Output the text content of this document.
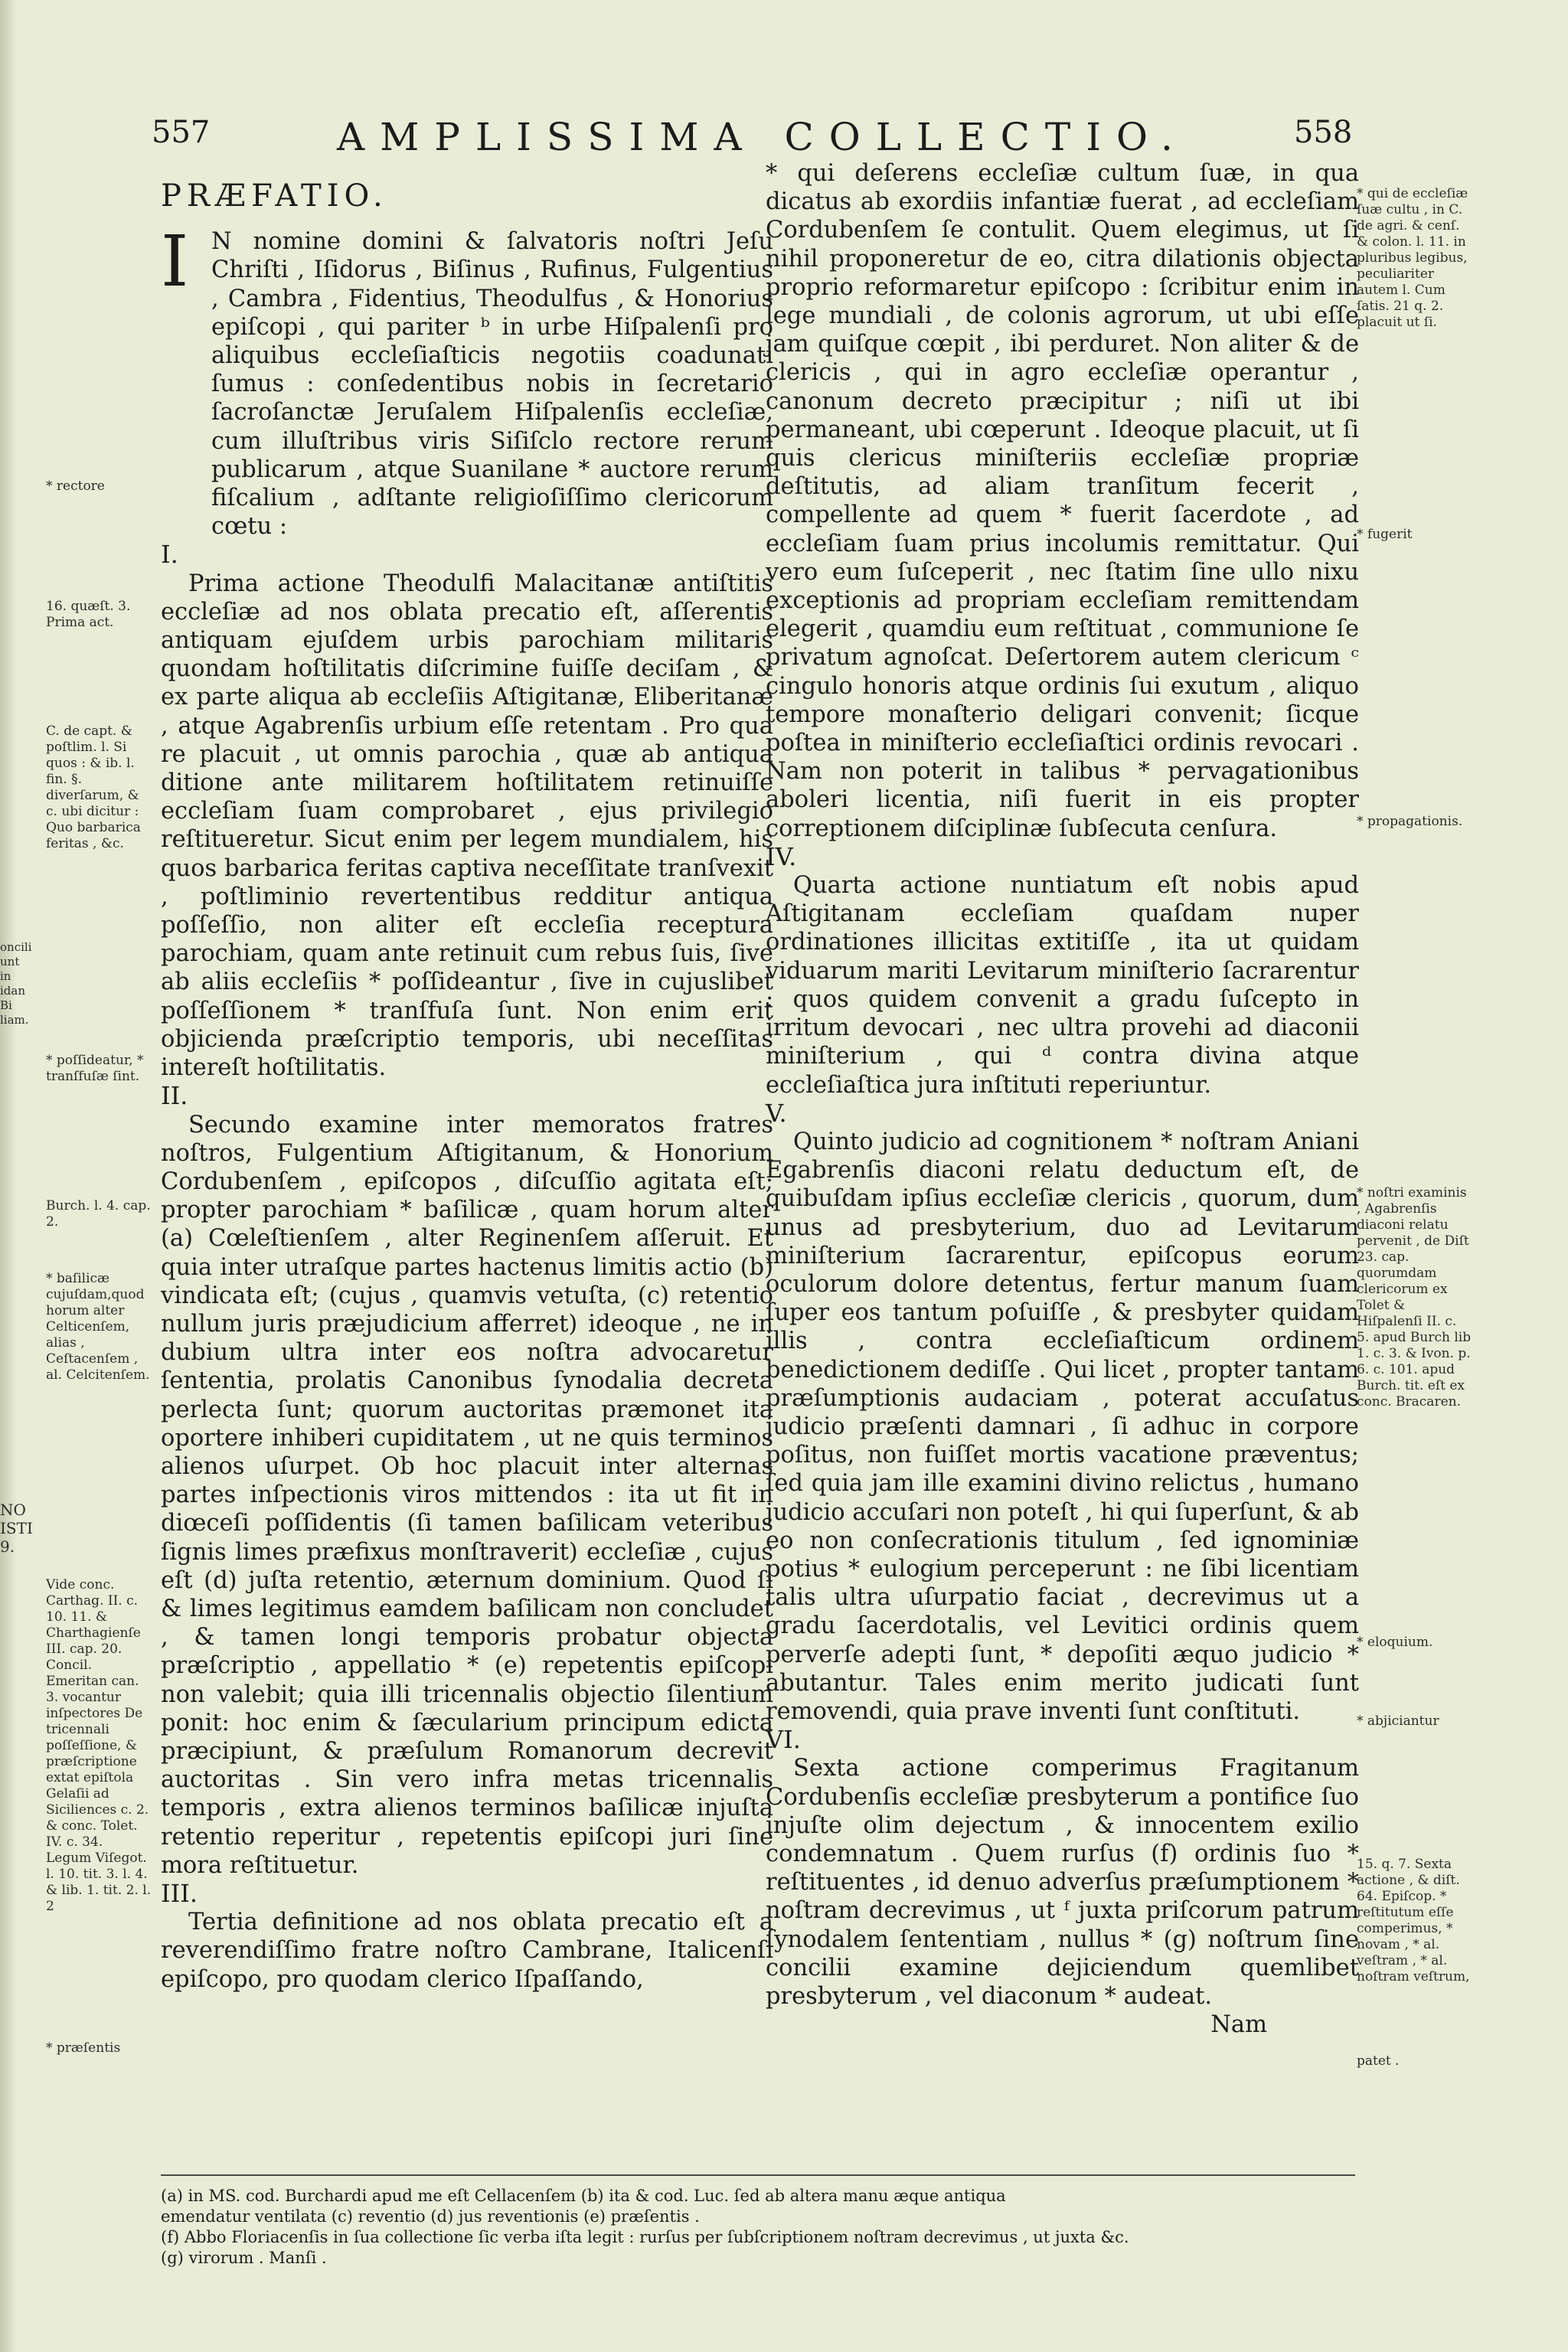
557	AMPLISSIMA COLLECTIO.	558

PRÆFATIO.

I N nomine domini & ſalvatoris noſtri Jeſu Chriſti , Iſidorus , Biſinus , Rufinus, Fulgentius , Cambra , Fidentius, Theodulfus , & Honorius epiſcopi , qui pariter ᵇ in urbe Hiſpalenſi pro aliquibus eccleſiaſticis negotiis coadunati ſumus : conſedentibus nobis in ſecretario ſacroſanctæ Jeruſalem Hiſpalenſis eccleſiæ, cum illuſtribus viris Siſiſclo rectore rerum publicarum , atque Suanilane * auctore rerum fiſcalium , adſtante religioſiſſimo clericorum cœtu :

I.

Prima actione Theodulfi Malacitanæ antiſtitis eccleſiæ ad nos oblata precatio eſt, aſſerentis antiquam ejuſdem urbis parochiam militaris quondam hoſtilitatis diſcrimine fuiſſe deciſam , & ex parte aliqua ab eccleſiis Aſtigitanæ, Eliberitanæ , atque Agabrenſis urbium eſſe retentam . Pro qua re placuit , ut omnis parochia , quæ ab antiqua ditione ante militarem hoſtilitatem retinuiſſe eccleſiam ſuam comprobaret , ejus privilegio reſtitueretur. Sicut enim per legem mundialem, his quos barbarica feritas captiva neceſſitate tranſvexit , poſtliminio revertentibus redditur antiqua poſſeſſio, non aliter eſt eccleſia receptura parochiam, quam ante retinuit cum rebus ſuis, ſive ab aliis eccleſiis * poſſideantur , ſive in cujuslibet poſſeſſionem * tranſfuſa ſunt. Non enim erit objicienda præſcriptio temporis, ubi neceſſitas intereſt hoſtilitatis.

II.

Secundo examine inter memoratos fratres noſtros, Fulgentium Aſtigitanum, & Honorium Cordubenſem , epiſcopos , diſcuſſio agitata eſt; propter parochiam * baſilicæ , quam horum alter (a) Cœleſtienſem , alter Reginenſem aſſeruit. Et quia inter utraſque partes hactenus limitis actio (b) vindicata eſt; (cujus , quamvis vetuſta, (c) retentio nullum juris præjudicium afferret) ideoque , ne in dubium ultra inter eos noſtra advocaretur ſententia, prolatis Canonibus ſynodalia decreta perlecta ſunt; quorum auctoritas præmonet ita oportere inhiberi cupiditatem , ut ne quis terminos alienos uſurpet. Ob hoc placuit inter alternas partes inſpectionis viros mittendos : ita ut fit in diœceſi poſſidentis (ſi tamen baſilicam veteribus ſignis limes præfixus monſtraverit) eccleſiæ , cujus eſt (d) juſta retentio, æternum dominium. Quod ſi & limes legitimus eamdem baſilicam non concludet , & tamen longi temporis probatur objecta præſcriptio , appellatio * (e) repetentis epiſcopi non valebit; quia illi tricennalis objectio ſilentium ponit: hoc enim & ſæcularium principum edicta præcipiunt, & præſulum Romanorum decrevit auctoritas . Sin vero infra metas tricennalis temporis , extra alienos terminos baſilicæ injuſta retentio reperitur , repetentis epiſcopi juri ſine mora reſtituetur.

III.

Tertia definitione ad nos oblata precatio eſt a reverendiſſimo fratre noſtro Cambrane, Italicenſi epiſcopo, pro quodam clerico Iſpaſſando,

* qui deſerens eccleſiæ cultum ſuæ, in qua dicatus ab exordiis infantiæ fuerat , ad eccleſiam Cordubenſem ſe contulit. Quem elegimus, ut ſi nihil proponeretur de eo, citra dilationis objecta proprio reformaretur epiſcopo : ſcribitur enim in lege mundiali , de colonis agrorum, ut ubi eſſe jam quiſque cœpit , ibi perduret. Non aliter & de clericis , qui in agro eccleſiæ operantur , canonum decreto præcipitur ; niſi ut ibi permaneant, ubi cœperunt . Ideoque placuit, ut ſi quis clericus miniſteriis eccleſiæ propriæ deſtitutis, ad aliam tranſitum fecerit , compellente ad quem * fuerit ſacerdote , ad eccleſiam ſuam prius incolumis remittatur. Qui vero eum ſuſceperit , nec ſtatim ſine ullo nixu exceptionis ad propriam eccleſiam remittendam elegerit , quamdiu eum reſtituat , communione ſe privatum agnoſcat. Deſertorem autem clericum ᶜ cingulo honoris atque ordinis ſui exutum , aliquo tempore monaſterio deligari convenit; ſicque poſtea in miniſterio eccleſiaſtici ordinis revocari . Nam non poterit in talibus * pervagationibus aboleri licentia, niſi fuerit in eis propter correptionem diſciplinæ ſubſecuta cenſura.

IV.

Quarta actione nuntiatum eſt nobis apud Aſtigitanam eccleſiam quaſdam nuper ordinationes illicitas extitiſſe , ita ut quidam viduarum mariti Levitarum miniſterio ſacrarentur : quos quidem convenit a gradu ſuſcepto in irritum devocari , nec ultra provehi ad diaconii miniſterium , qui ᵈ contra divina atque eccleſiaſtica jura inſtituti reperiuntur.

V.

Quinto judicio ad cognitionem * noſtram Aniani Egabrenſis diaconi relatu deductum eſt, de quibuſdam ipſius eccleſiæ clericis , quorum, dum unus ad presbyterium, duo ad Levitarum miniſterium ſacrarentur, epiſcopus eorum oculorum dolore detentus, fertur manum ſuam ſuper eos tantum poſuiſſe , & presbyter quidam illis , contra eccleſiaſticum ordinem benedictionem dediſſe . Qui licet , propter tantam præſumptionis audaciam , poterat accuſatus judicio præſenti damnari , ſi adhuc in corpore poſitus, non fuiſſet mortis vacatione præventus; ſed quia jam ille examini divino relictus , humano judicio accuſari non poteſt , hi qui ſuperſunt, & ab eo non conſecrationis titulum , ſed ignominiæ potius * eulogium perceperunt : ne ſibi licentiam talis ultra uſurpatio faciat , decrevimus ut a gradu ſacerdotalis, vel Levitici ordinis quem perverſe adepti ſunt, * depoſiti æquo judicio * abutantur. Tales enim merito judicati ſunt removendi, quia prave inventi ſunt conſtituti.

VI.

Sexta actione comperimus Fragitanum Cordubenſis eccleſiæ presbyterum a pontifice ſuo injuſte olim dejectum , & innocentem exilio condemnatum . Quem rurſus (f) ordinis ſuo * reſtituentes , id denuo adverſus præſumptionem * noſtram decrevimus , ut ᶠ juxta priſcorum patrum ſynodalem ſententiam , nullus * (g) noſtrum ſine concilii examine dejiciendum quemlibet presbyterum , vel diaconum * audeat.

Nam

* rectore
16. quæſt. 3. Prima act.
C. de capt. & poſtlim. l. Si quos : & ib. l. fin. §. diverſarum, & c. ubi dicitur : Quo barbarica feritas , &c.
oncili unt in idan Bi liam.
* poſſideatur, * tranſfuſæ ſint.
Burch. l. 4. cap. 2.
* baſilicæ cujuſdam,quod horum alter Celticenſem, alias , Ceſtacenſem , al. Celcitenſem.
NO ISTI 9.
Vide conc. Carthag. II. c. 10. 11. & Charthagienſe III. cap. 20. Concil. Emeritan can. 3. vocantur inſpectores De tricennali poſſeſſione, & præſcriptione extat epiſtola Gelaſii ad Siciliences c. 2. & conc. Tolet. IV. c. 34. Legum Viſegot. l. 10. tit. 3. l. 4. & lib. 1. tit. 2. l. 2
* præſentis
* qui de eccleſiæ ſuæ cultu , in C. de agri. & cenſ. & colon. l. 11. in pluribus legibus, peculiariter autem l. Cum ſatis. 21 q. 2. placuit ut ſi.
* fugerit
* propagationis.
* noſtri examinis , Agabrenſis diaconi relatu pervenit , de Diſt 23. cap. quorumdam clericorum ex Tolet & Hiſpalenſi II. c. 5. apud Burch lib 1. c. 3. & Ivon. p. 6. c. 101. apud Burch. tit. eſt ex conc. Bracaren.
* eloquium.
* abjiciantur
15. q. 7. Sexta actione , & diſt. 64. Epiſcop. * reſtitutum eſſe comperimus, * novam , * al. veſtram , * al. noſtram veſtrum,
patet .

(a) in MS. cod. Burchardi apud me eſt Cellacenſem (b) ita & cod. Luc. ſed ab altera manu æque antiqua

emendatur ventilata (c) reventio (d) jus reventionis (e) præſentis .

(f) Abbo Floriacenſis in ſua collectione ſic verba iſta legit : rurſus per ſubſcriptionem noſtram decrevimus , ut juxta &c.

(g) virorum . Manſi .
